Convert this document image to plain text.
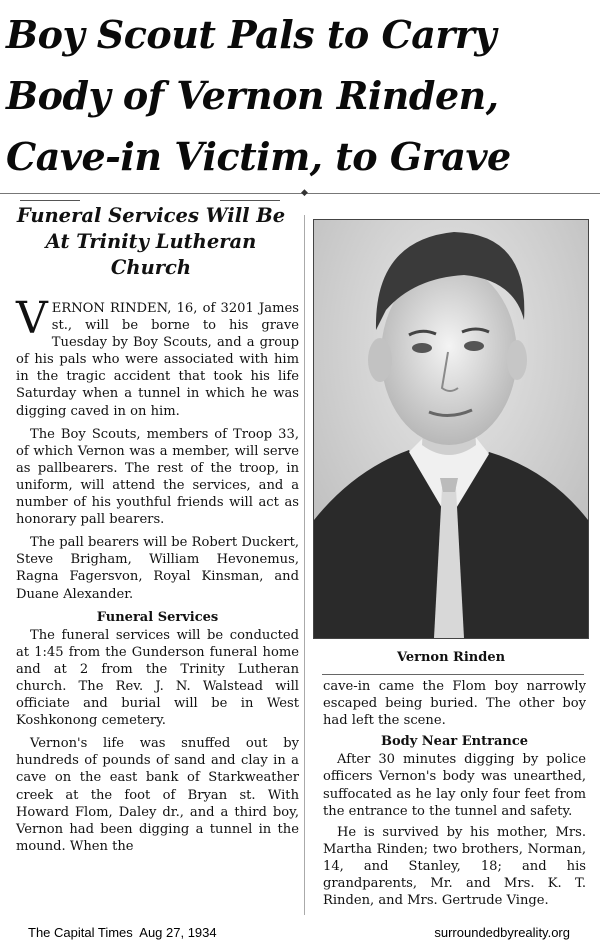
Boy Scout Pals to Carry Body of Vernon Rinden, Cave-in Victim, to Grave
◆
Funeral Services Will Be At Trinity Lutheran Church

VERNON RINDEN, 16, of 3201 James st., will be borne to his grave Tuesday by Boy Scouts, and a group of his pals who were associated with him in the tragic accident that took his life Saturday when a tunnel in which he was digging caved in on him.

The Boy Scouts, members of Troop 33, of which Vernon was a member, will serve as pallbearers. The rest of the troop, in uniform, will attend the services, and a number of his youthful friends will act as honorary pall bearers.

The pall bearers will be Robert Duckert, Steve Brigham, William Hevonemus, Ragna Fagersvon, Royal Kinsman, and Duane Alexander.

Funeral Services

The funeral services will be conducted at 1:45 from the Gunderson funeral home and at 2 from the Trinity Lutheran church. The Rev. J. N. Walstead will officiate and burial will be in West Koshkonong cemetery.

Vernon's life was snuffed out by hundreds of pounds of sand and clay in a cave on the east bank of Starkweather creek at the foot of Bryan st. With Howard Flom, Daley dr., and a third boy, Vernon had been digging a tunnel in the mound. When the

Vernon Rinden

cave-in came the Flom boy narrowly escaped being buried. The other boy had left the scene.

Body Near Entrance

After 30 minutes digging by police officers Vernon's body was unearthed, suffocated as he lay only four feet from the entrance to the tunnel and safety.

He is survived by his mother, Mrs. Martha Rinden; two brothers, Norman, 14, and Stanley, 18; and his grandparents, Mr. and Mrs. K. T. Rinden, and Mrs. Gertrude Vinge.

The Capital Times  Aug 27, 1934	surroundedbyreality.org
